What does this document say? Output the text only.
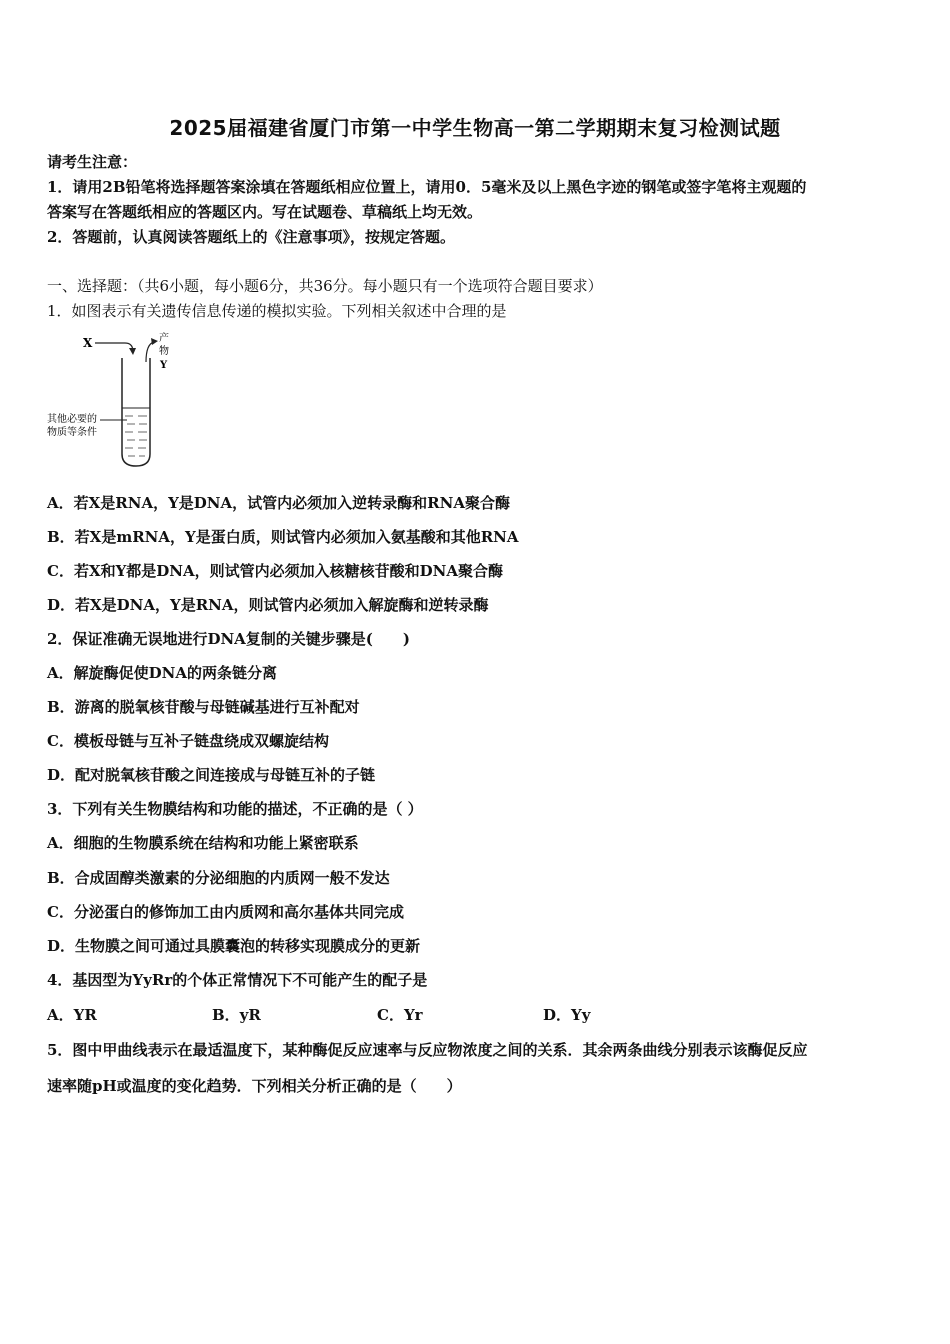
2025届福建省厦门市第一中学生物高一第二学期期末复习检测试题
请考生注意：
1．请用2B铅笔将选择题答案涂填在答题纸相应位置上，请用0．5毫米及以上黑色字迹的钢笔或签字笔将主观题的
答案写在答题纸相应的答题区内。写在试题卷、草稿纸上均无效。
2．答题前，认真阅读答题纸上的《注意事项》，按规定答题。
一、选择题：（共6小题，每小题6分，共36分。每小题只有一个选项符合题目要求）
1．如图表示有关遗传信息传递的模拟实验。下列相关叙述中合理的是
X	产
物
Y
其他必要的
物质等条件
A．若X是RNA，Y是DNA，试管内必须加入逆转录酶和RNA聚合酶
B．若X是mRNA，Y是蛋白质，则试管内必须加入氨基酸和其他RNA
C．若X和Y都是DNA，则试管内必须加入核糖核苷酸和DNA聚合酶
D．若X是DNA，Y是RNA，则试管内必须加入解旋酶和逆转录酶
2．保证准确无误地进行DNA复制的关键步骤是(　　)
A．解旋酶促使DNA的两条链分离
B．游离的脱氧核苷酸与母链碱基进行互补配对
C．模板母链与互补子链盘绕成双螺旋结构
D．配对脱氧核苷酸之间连接成与母链互补的子链
3．下列有关生物膜结构和功能的描述，不正确的是（ ）
A．细胞的生物膜系统在结构和功能上紧密联系
B．合成固醇类激素的分泌细胞的内质网一般不发达
C．分泌蛋白的修饰加工由内质网和高尔基体共同完成
D．生物膜之间可通过具膜囊泡的转移实现膜成分的更新
4．基因型为YyRr的个体正常情况下不可能产生的配子是
A．YR	B．yR	C．Yr	D．Yy
5．图中甲曲线表示在最适温度下，某种酶促反应速率与反应物浓度之间的关系．其余两条曲线分别表示该酶促反应
速率随pH或温度的变化趋势．下列相关分析正确的是（　　）
